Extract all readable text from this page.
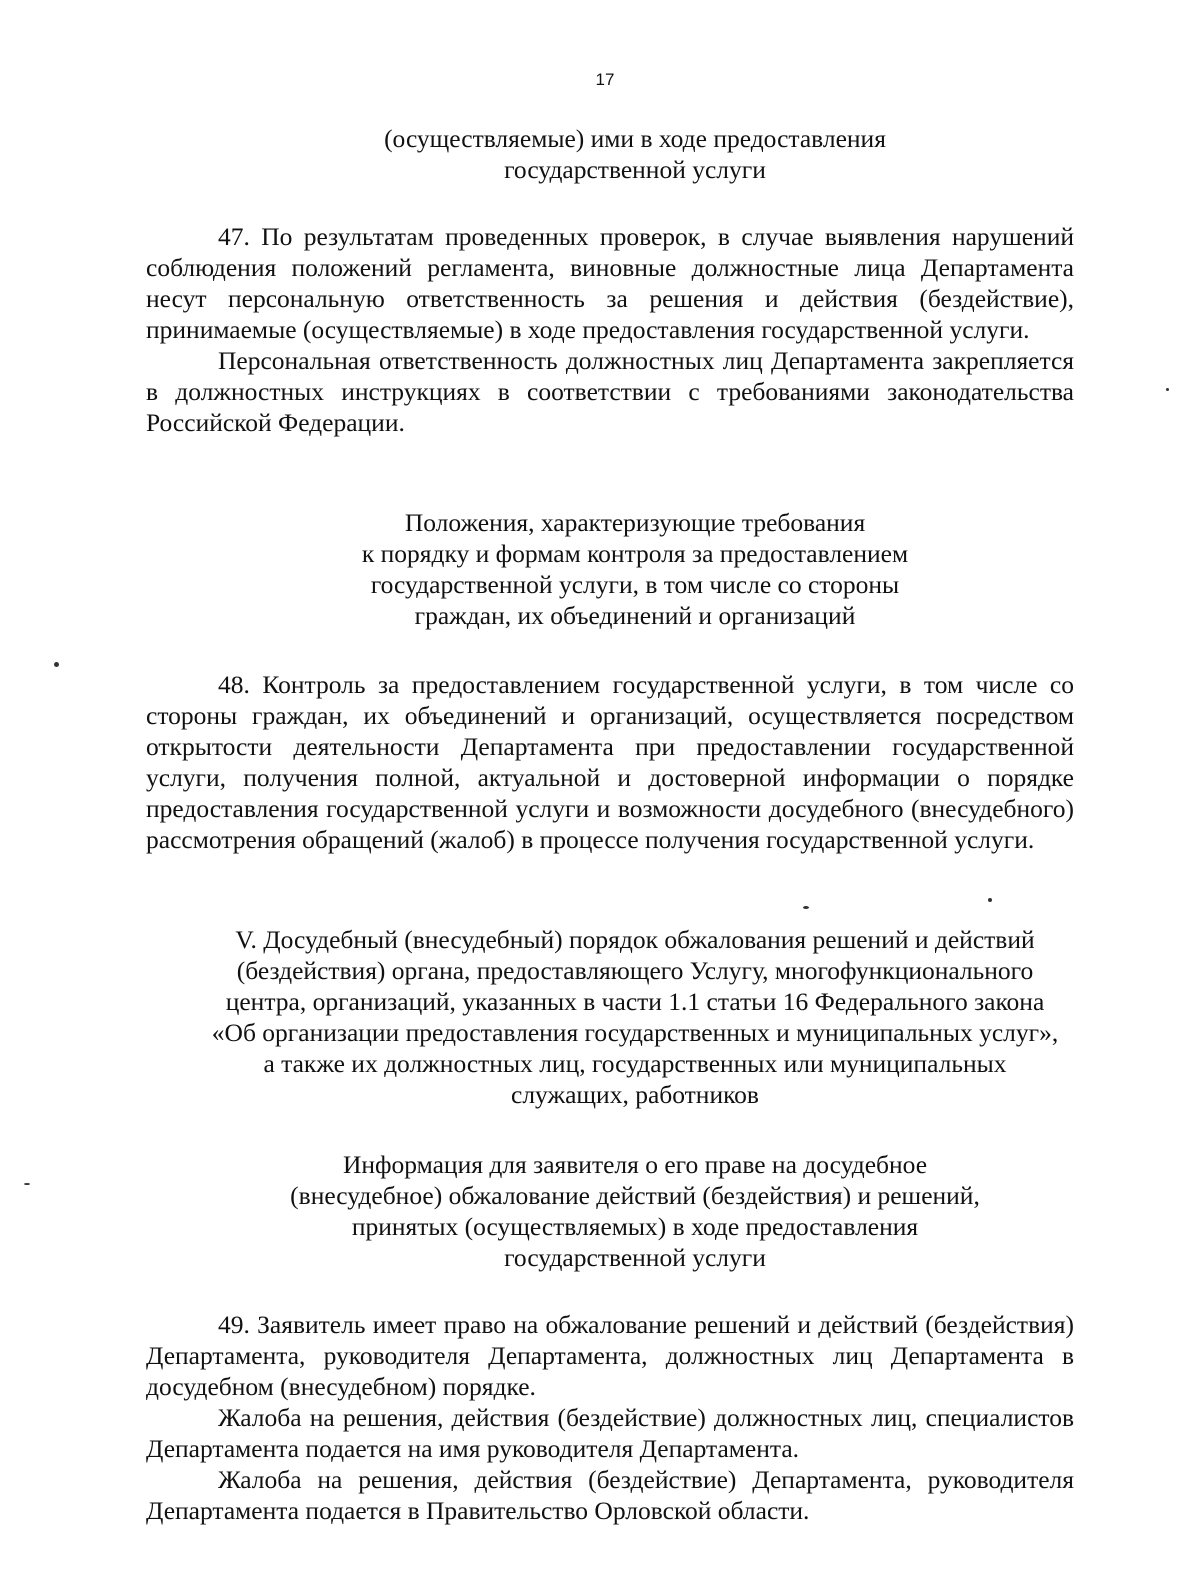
17
(осуществляемые) ими в ходе предоставления
государственной услуги

47. По результатам проведенных проверок, в случае выявления нарушений соблюдения положений регламента, виновные должностные лица Департамента несут персональную ответственность за решения и действия (бездействие), принимаемые (осуществляемые) в ходе предоставления государственной услуги.

Персональная ответственность должностных лиц Департамента закрепляется в должностных инструкциях в соответствии с требованиями законодательства Российской Федерации.

Положения, характеризующие требования
к порядку и формам контроля за предоставлением
государственной услуги, в том числе со стороны
граждан, их объединений и организаций

48. Контроль за предоставлением государственной услуги, в том числе со стороны граждан, их объединений и организаций, осуществляется посредством открытости деятельности Департамента при предоставлении государственной услуги, получения полной, актуальной и достоверной информации о порядке предоставления государственной услуги и возможности досудебного (внесудебного) рассмотрения обращений (жалоб) в процессе получения государственной услуги.

V. Досудебный (внесудебный) порядок обжалования решений и действий
(бездействия) органа, предоставляющего Услугу, многофункционального
центра, организаций, указанных в части 1.1 статьи 16 Федерального закона
«Об организации предоставления государственных и муниципальных услуг»,
а также их должностных лиц, государственных или муниципальных
служащих, работников
Информация для заявителя о его праве на досудебное
(внесудебное) обжалование действий (бездействия) и решений,
принятых (осуществляемых) в ходе предоставления
государственной услуги

49. Заявитель имеет право на обжалование решений и действий (бездействия) Департамента, руководителя Департамента, должностных лиц Департамента в досудебном (внесудебном) порядке.

Жалоба на решения, действия (бездействие) должностных лиц, специалистов Департамента подается на имя руководителя Департамента.

Жалоба на решения, действия (бездействие) Департамента, руководителя Департамента подается в Правительство Орловской области.
